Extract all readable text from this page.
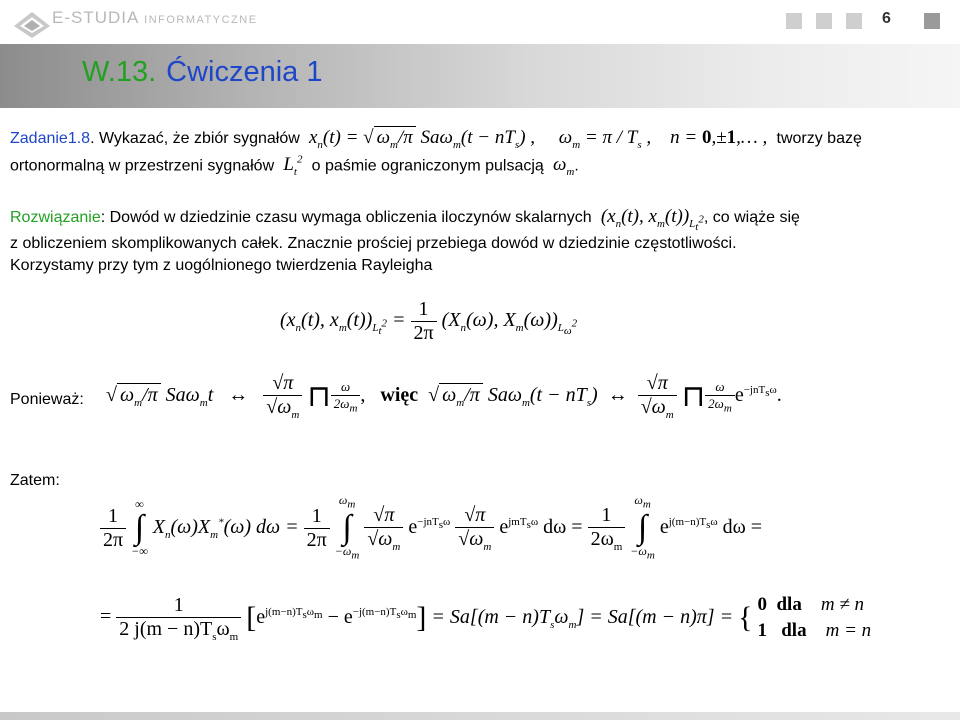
E-STUDIA INFORMATYCZNE	6
W.13. Ćwiczenia 1
Zadanie1.8. Wykazać, że zbiór sygnałów  $x_n(t)$ = √ $\omega_m/\pi$ $Sa\omega_m(t - nT_s)$ ,     $\omega_m = \pi / T_s$ ,    n = 0,±1,… ,  tworzy bazę
ortonormalną w przestrzeni sygnałów  $L_t^2$ o paśmie ograniczonym pulsacją  $\omega_m$.
Rozwiązanie: Dowód w dziedzinie czasu wymaga obliczenia iloczynów skalarnych  ($x_n(t)$, $x_m(t))_{L_t^2}$, co wiąże się
z obliczeniem skomplikowanych całek. Znacznie prościej przebiega dowód w dziedzinie częstotliwości.
Korzystamy przy tym z uogólnionego twierdzenia Rayleigha
($x_n(t)$, $x_m(t))_{L_t^2} = \frac{1}{2\pi} (X_n(\omega)$, $X_m(\omega))_{L_\omega^2}$
Ponieważ: √ $\omega_m/\pi$ Saω$_m$t   ↔ $\frac{√\pi}{√\omega_m}$ ⊓ $\frac{\omega}{2\omega_m}$ ,   więc √ $\omega_m/\pi$ $Sa\omega_m(t - nT_s)$  ↔ $\frac{√\pi}{√\omega_m}$ ⊓ $\frac{\omega}{2\omega_m} e^{-jnT_s\omega}$.
Zatem:
$\frac{1}{2\pi}$

∞
∫
−∞
$X_n(\omega)X_m^*(\omega) d\omega = \frac{1}{2\pi}$

$\omega_m$
∫
$-\omega_m$

$\frac{√\pi}{√\omega_m} e^{-jnT_s\omega} \frac{√\pi}{√\omega_m} e^{jmT_s\omega}$ $d\omega = \frac{1}{2\omega_m}$

$\omega_m$
∫
$-\omega_m$
$e^{j(m-n)T_s\omega}$ dω =
= $\frac{1}{2 j(m - n)T_s\omega_m} [e^{j(m-n)T_s\omega_m} - e^{-j(m-n)T_s\omega_m}] = Sa[(m - n)T_s\omega_m] = Sa[(m - n)\pi]$ = { 0 dla m ≠ n
1 dla m = n
